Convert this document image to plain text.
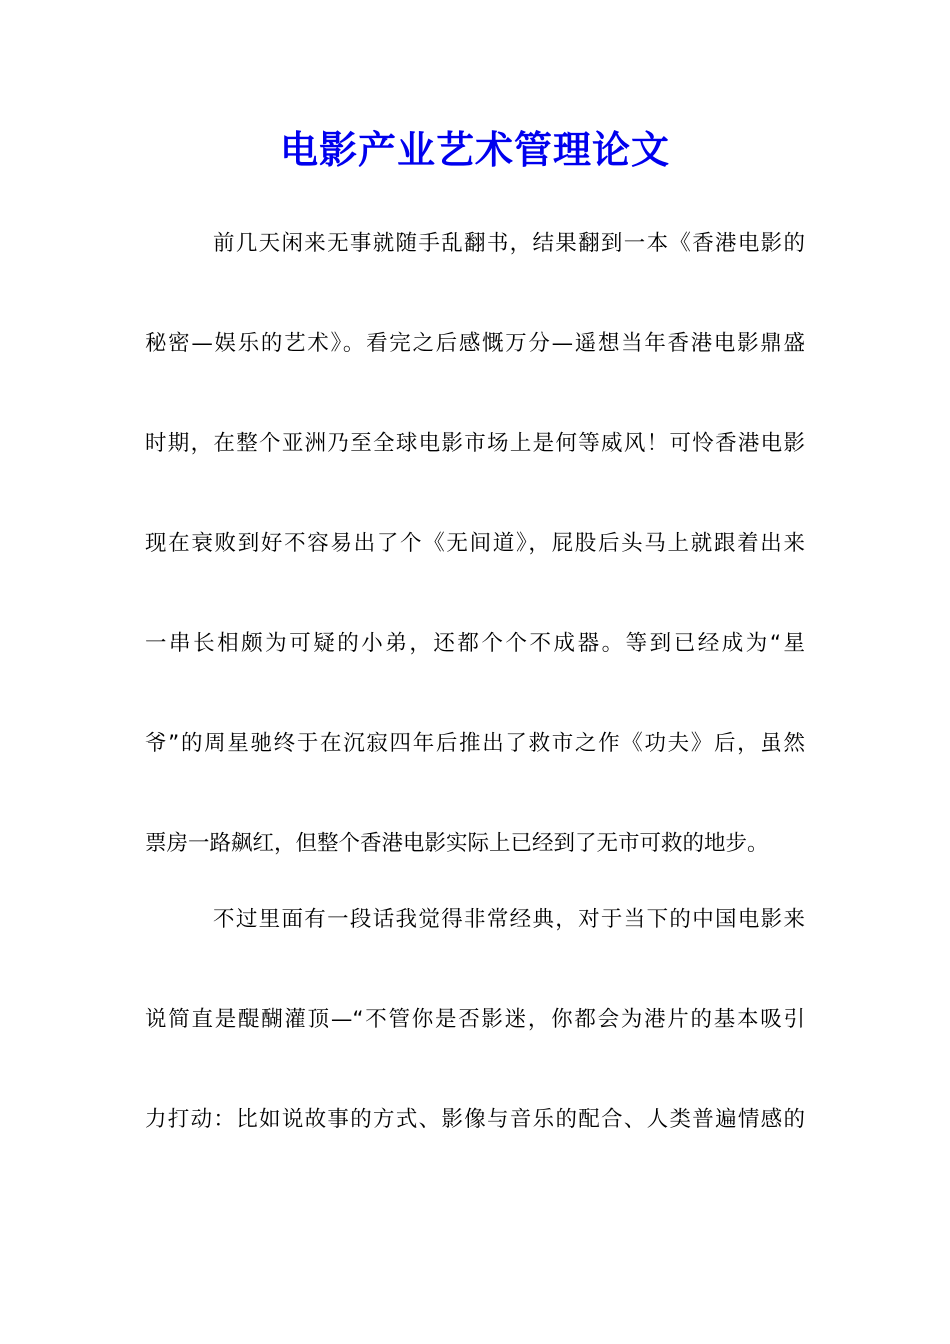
电影产业艺术管理论文
前几天闲来无事就随手乱翻书，结果翻到一本《香港电影的
秘密—娱乐的艺术》。看完之后感慨万分—遥想当年香港电影鼎盛
时期，在整个亚洲乃至全球电影市场上是何等威风！可怜香港电影
现在衰败到好不容易出了个《无间道》，屁股后头马上就跟着出来
一串长相颇为可疑的小弟，还都个个不成器。等到已经成为“星
爷”的周星驰终于在沉寂四年后推出了救市之作《功夫》后，虽然
票房一路飙红，但整个香港电影实际上已经到了无市可救的地步。
不过里面有一段话我觉得非常经典，对于当下的中国电影来
说简直是醍醐灌顶—“不管你是否影迷，你都会为港片的基本吸引
力打动：比如说故事的方式、影像与音乐的配合、人类普遍情感的
